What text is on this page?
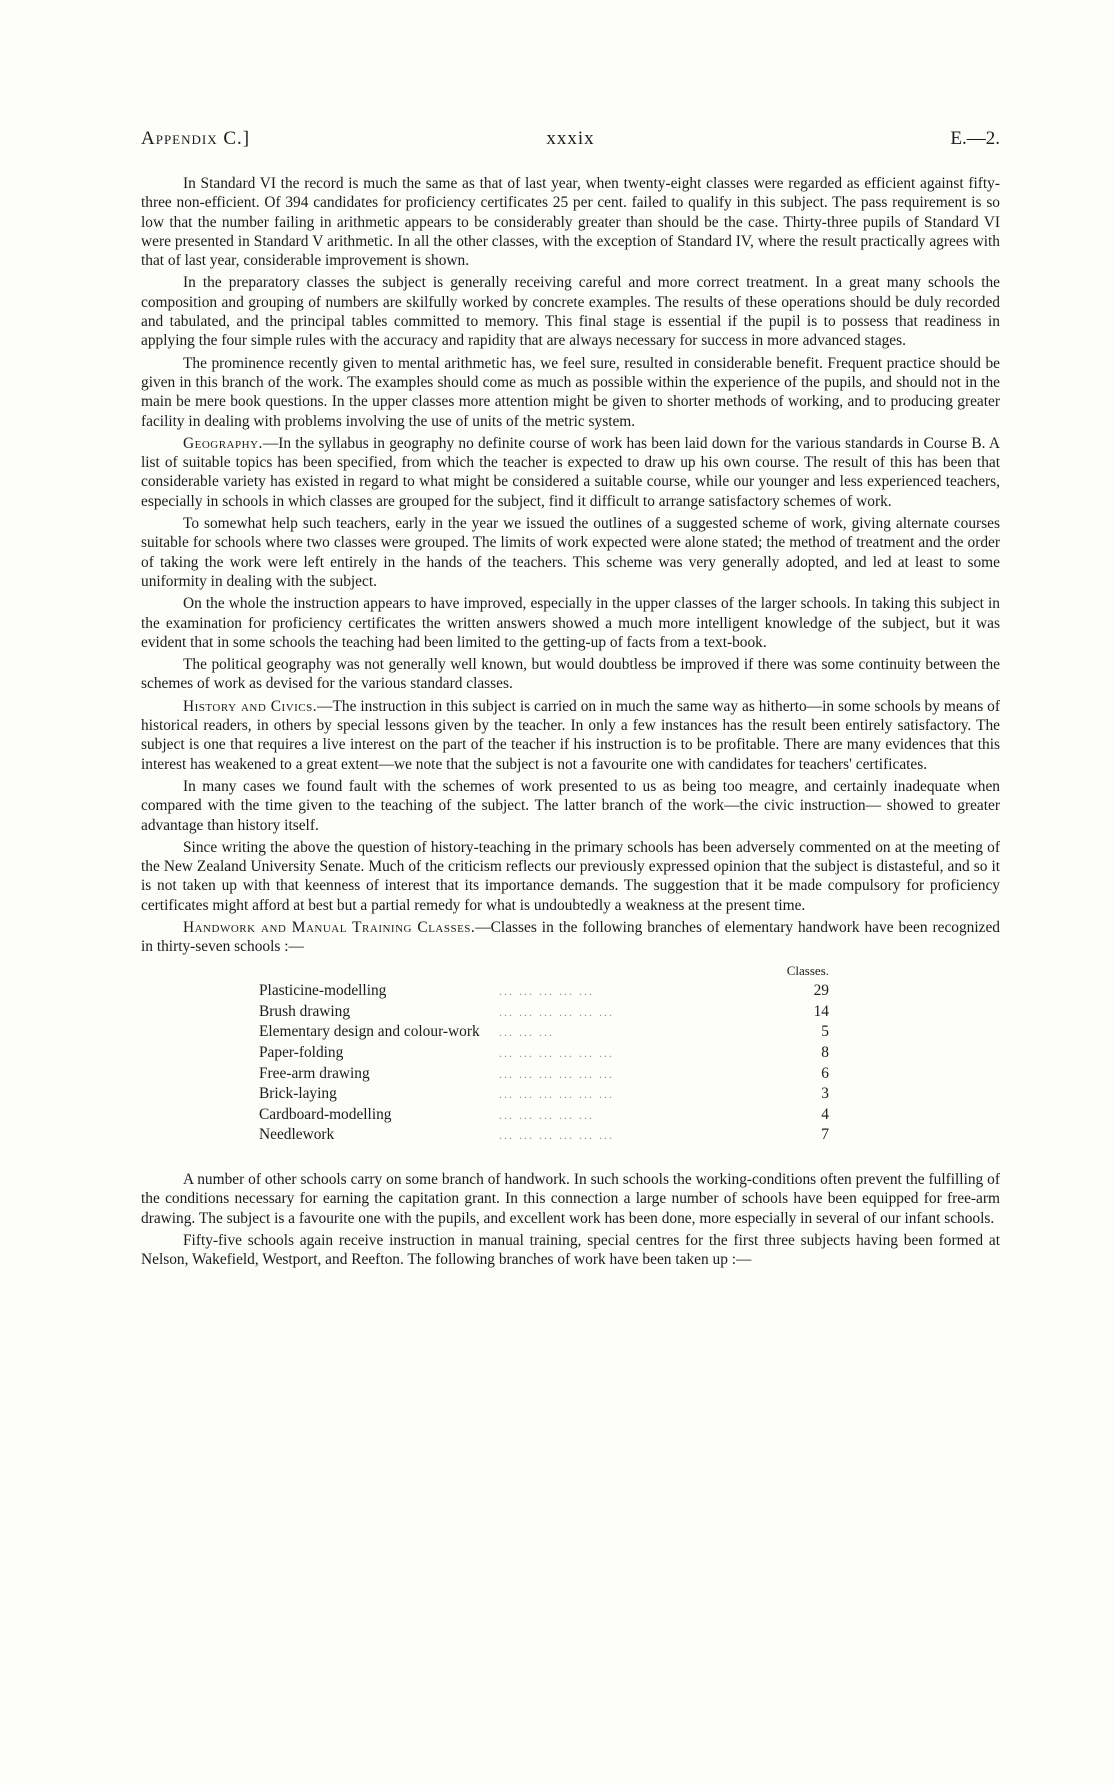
Appendix C.]	xxxix	E.—2.

In Standard VI the record is much the same as that of last year, when twenty-eight classes were regarded as efficient against fifty-three non-efficient. Of 394 candidates for proficiency certificates 25 per cent. failed to qualify in this subject. The pass requirement is so low that the number failing in arithmetic appears to be considerably greater than should be the case. Thirty-three pupils of Standard VI were presented in Standard V arithmetic. In all the other classes, with the exception of Standard IV, where the result practically agrees with that of last year, considerable improvement is shown.

In the preparatory classes the subject is generally receiving careful and more correct treatment. In a great many schools the composition and grouping of numbers are skilfully worked by concrete examples. The results of these operations should be duly recorded and tabulated, and the principal tables committed to memory. This final stage is essential if the pupil is to possess that readiness in applying the four simple rules with the accuracy and rapidity that are always necessary for success in more advanced stages.

The prominence recently given to mental arithmetic has, we feel sure, resulted in considerable benefit. Frequent practice should be given in this branch of the work. The examples should come as much as possible within the experience of the pupils, and should not in the main be mere book questions. In the upper classes more attention might be given to shorter methods of working, and to producing greater facility in dealing with problems involving the use of units of the metric system.

Geography.—In the syllabus in geography no definite course of work has been laid down for the various standards in Course B. A list of suitable topics has been specified, from which the teacher is expected to draw up his own course. The result of this has been that considerable variety has existed in regard to what might be considered a suitable course, while our younger and less experienced teachers, especially in schools in which classes are grouped for the subject, find it difficult to arrange satisfactory schemes of work.

To somewhat help such teachers, early in the year we issued the outlines of a suggested scheme of work, giving alternate courses suitable for schools where two classes were grouped. The limits of work expected were alone stated; the method of treatment and the order of taking the work were left entirely in the hands of the teachers. This scheme was very generally adopted, and led at least to some uniformity in dealing with the subject.

On the whole the instruction appears to have improved, especially in the upper classes of the larger schools. In taking this subject in the examination for proficiency certificates the written answers showed a much more intelligent knowledge of the subject, but it was evident that in some schools the teaching had been limited to the getting-up of facts from a text-book.

The political geography was not generally well known, but would doubtless be improved if there was some continuity between the schemes of work as devised for the various standard classes.

History and Civics.—The instruction in this subject is carried on in much the same way as hitherto—in some schools by means of historical readers, in others by special lessons given by the teacher. In only a few instances has the result been entirely satisfactory. The subject is one that requires a live interest on the part of the teacher if his instruction is to be profitable. There are many evidences that this interest has weakened to a great extent—we note that the subject is not a favourite one with candidates for teachers' certificates.

In many cases we found fault with the schemes of work presented to us as being too meagre, and certainly inadequate when compared with the time given to the teaching of the subject. The latter branch of the work—the civic instruction— showed to greater advantage than history itself.

Since writing the above the question of history-teaching in the primary schools has been adversely commented on at the meeting of the New Zealand University Senate. Much of the criticism reflects our previously expressed opinion that the subject is distasteful, and so it is not taken up with that keenness of interest that its importance demands. The suggestion that it be made compulsory for proficiency certificates might afford at best but a partial remedy for what is undoubtedly a weakness at the present time.

Handwork and Manual Training Classes.—Classes in the following branches of elementary handwork have been recognized in thirty-seven schools :—

		Classes.
Plasticine-modelling	... ... ... ... ...	29
Brush drawing	... ... ... ... ... ...	14
Elementary design and colour-work	... ... ...	5
Paper-folding	... ... ... ... ... ...	8
Free-arm drawing	... ... ... ... ... ...	6
Brick-laying	... ... ... ... ... ...	3
Cardboard-modelling	... ... ... ... ...	4
Needlework	... ... ... ... ... ...	7

A number of other schools carry on some branch of handwork. In such schools the working-conditions often prevent the fulfilling of the conditions necessary for earning the capitation grant. In this connection a large number of schools have been equipped for free-arm drawing. The subject is a favourite one with the pupils, and excellent work has been done, more especially in several of our infant schools.

Fifty-five schools again receive instruction in manual training, special centres for the first three subjects having been formed at Nelson, Wakefield, Westport, and Reefton. The following branches of work have been taken up :—
